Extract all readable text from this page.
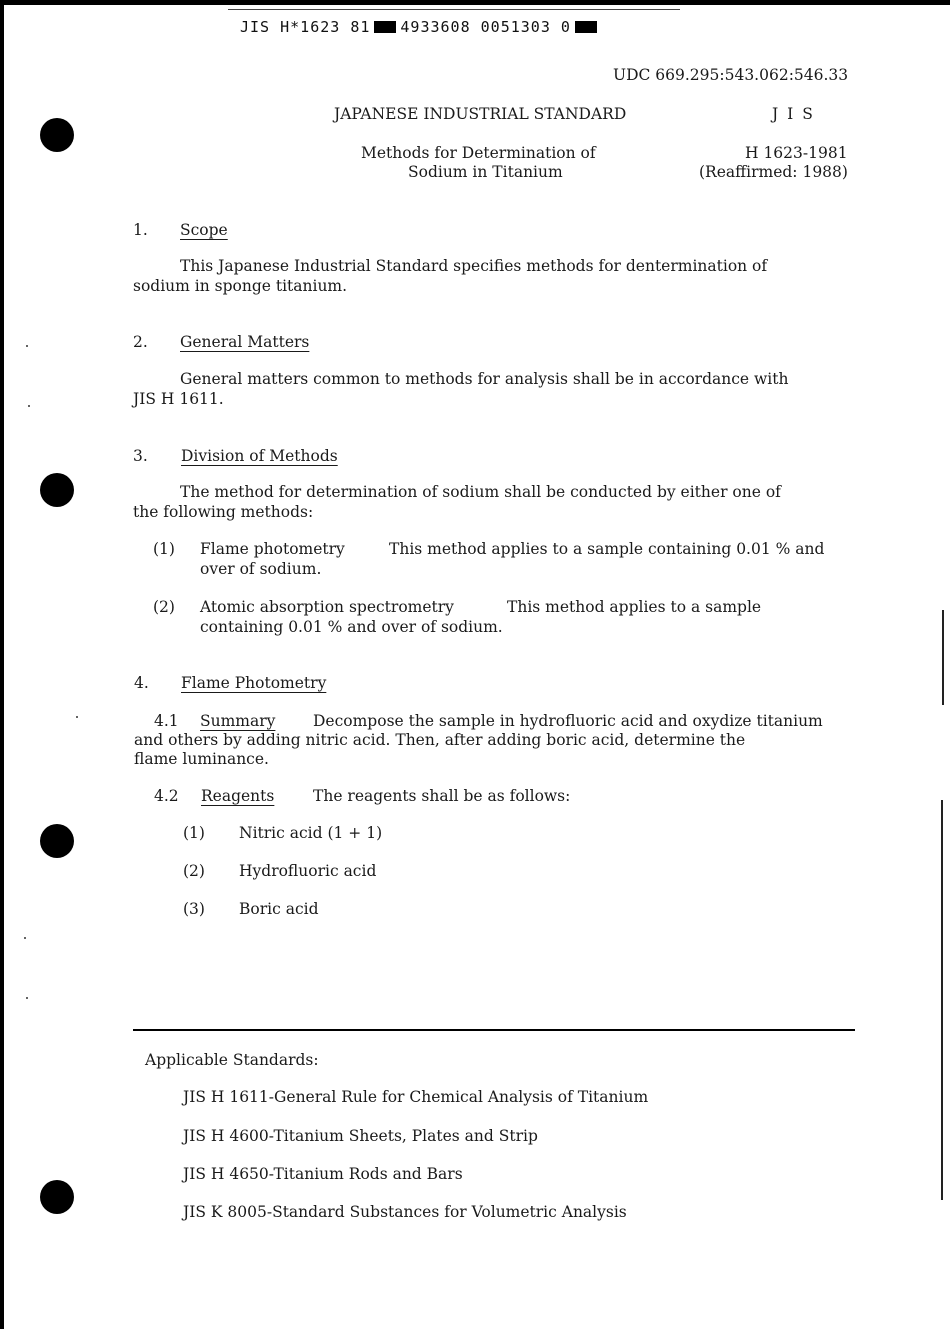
JIS H*1623 81 4933608 0051303 0
UDC 669.295:543.062:546.33
JAPANESE INDUSTRIAL STANDARD	J I S
Methods for Determination of
Sodium in Titanium
H 1623-1981
(Reaffirmed: 1988)
1. Scope
This Japanese Industrial Standard specifies methods for dentermination of
sodium in sponge titanium.
2. General Matters
General matters common to methods for analysis shall be in accordance with
JIS H 1611.
3. Division of Methods
The method for determination of sodium shall be conducted by either one of
the following methods:
(1) Flame photometry	This method applies to a sample containing 0.01 % and
over of sodium.
(2) Atomic absorption spectrometry	This method applies to a sample
containing 0.01 % and over of sodium.
4. Flame Photometry
4.1 Summary Decompose the sample in hydrofluoric acid and oxydize titanium
and others by adding nitric acid. Then, after adding boric acid, determine the
flame luminance.
4.2 Reagents The reagents shall be as follows:
(1) Nitric acid (1 + 1)
(2) Hydrofluoric acid
(3) Boric acid
Applicable Standards:
JIS H 1611-General Rule for Chemical Analysis of Titanium
JIS H 4600-Titanium Sheets, Plates and Strip
JIS H 4650-Titanium Rods and Bars
JIS K 8005-Standard Substances for Volumetric Analysis
